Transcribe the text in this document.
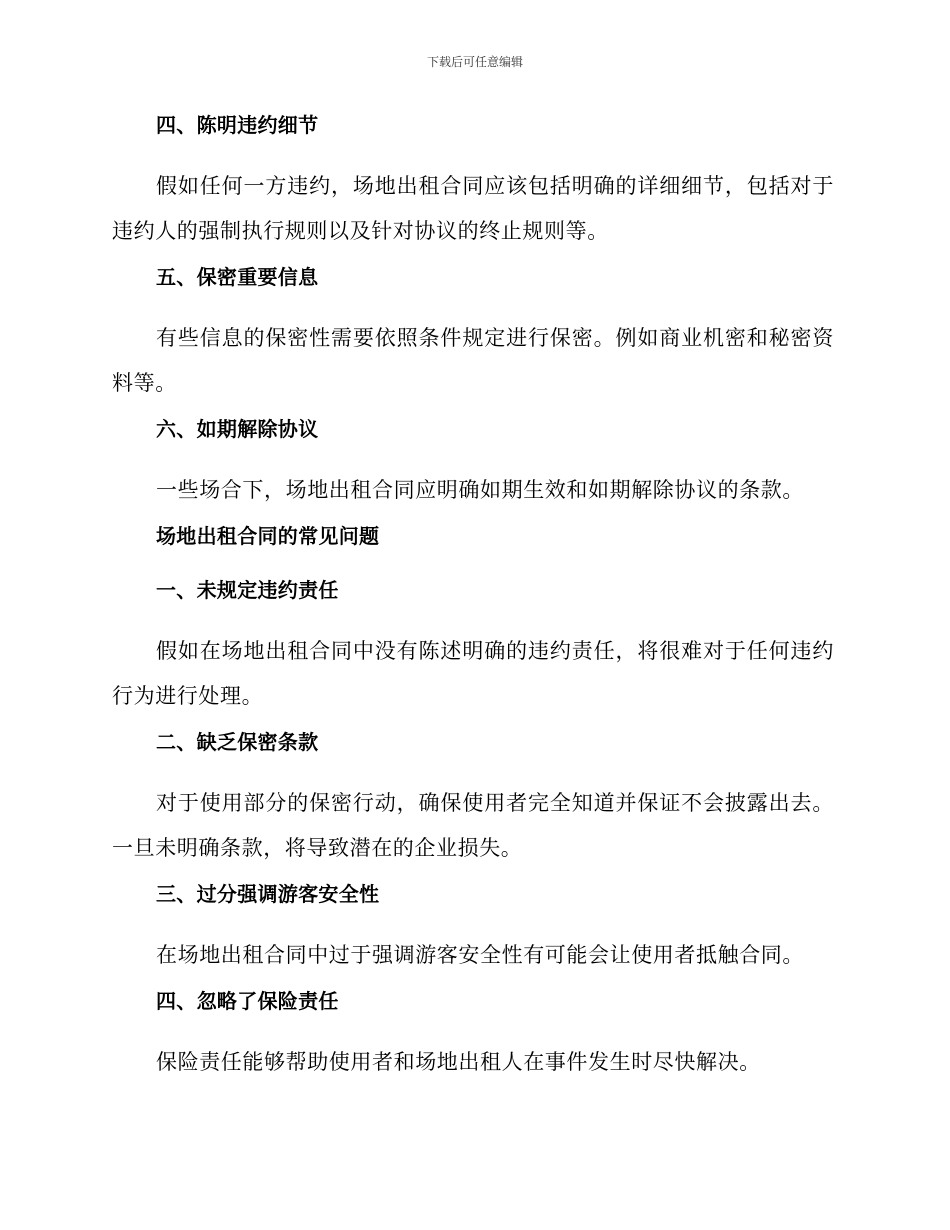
下载后可任意编辑
四、陈明违约细节

假如任何一方违约，场地出租合同应该包括明确的详细细节，包括对于违约人的强制执行规则以及针对协议的终止规则等。

五、保密重要信息

有些信息的保密性需要依照条件规定进行保密。例如商业机密和秘密资料等。

六、如期解除协议

一些场合下，场地出租合同应明确如期生效和如期解除协议的条款。

场地出租合同的常见问题
一、未规定违约责任

假如在场地出租合同中没有陈述明确的违约责任，将很难对于任何违约行为进行处理。

二、缺乏保密条款

对于使用部分的保密行动，确保使用者完全知道并保证不会披露出去。一旦未明确条款，将导致潜在的企业损失。

三、过分强调游客安全性

在场地出租合同中过于强调游客安全性有可能会让使用者抵触合同。

四、忽略了保险责任

保险责任能够帮助使用者和场地出租人在事件发生时尽快解决。
